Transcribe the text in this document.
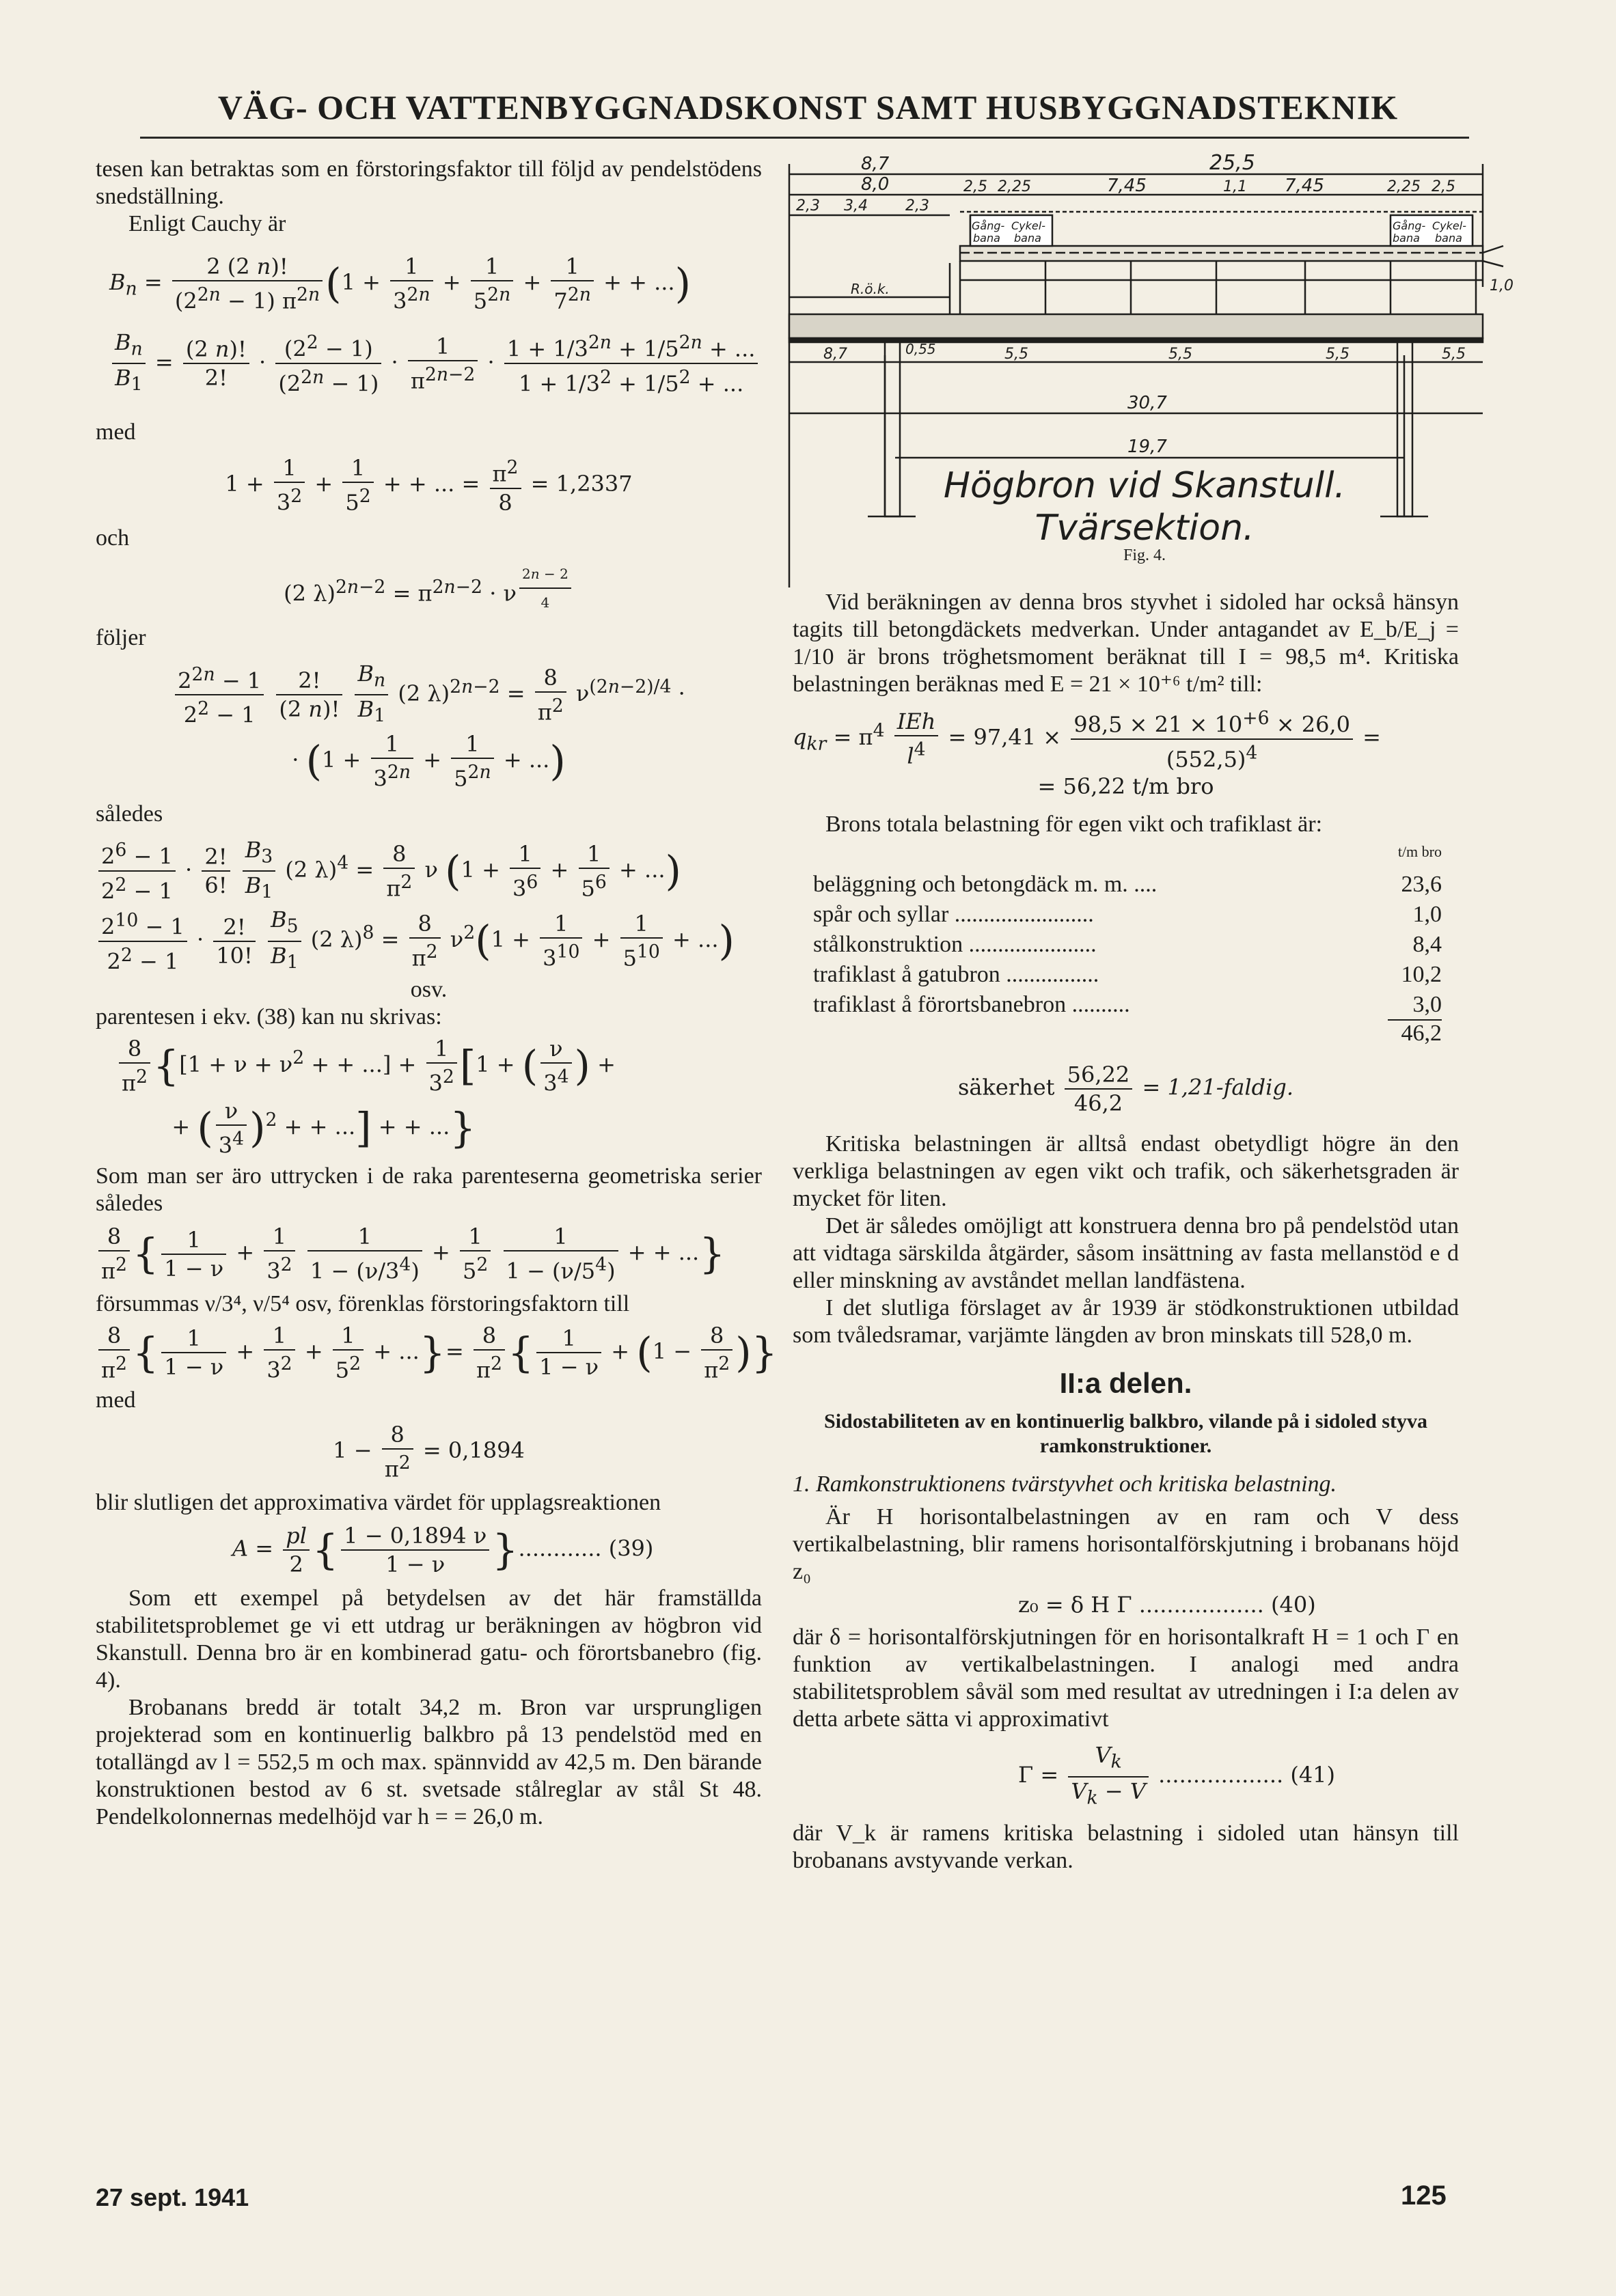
VÄG- OCH VATTENBYGGNADSKONST SAMT HUSBYGGNADSTEKNIK

tesen kan betraktas som en förstoringsfaktor till följd av pendelstödens snedställning.

Enligt Cauchy är

$B_n = \frac{2 (2 n)!}{(2^{2n} - 1) \pi^{2n}} (1 + \frac{1}{3^{2n}} + \frac{1}{5^{2n}} + \frac{1}{7^{2n}}$ + + ...)
$\frac{B_n}{B_1} = \frac{(2 n)!}{2!} \cdot \frac{(2^2 - 1)}{(2^{2n} - 1)} \cdot \frac{1}{\pi^{2n-2}} \cdot \frac{1 + 1/3^{2n} + 1/5^{2n} + ...}{1 + 1/3^2 + 1/5^2 + ...}$

med

$1 + \frac{1}{3^2} + \frac{1}{5^2}$ + + ... = $\frac{\pi^2}{8} = 1,2337$

och

(2 $\lambda)^{2n-2} = \pi^{2n-2} \cdot \nu$ $^{\frac{2n - 2}{4}}$

följer

$\frac{2^{2n} - 1}{2^2 - 1}$
$\frac{2!}{(2 n)!}$
$\frac{B_n}{B_1} (2$ $\lambda)^{2n-2} = \frac{8}{\pi^2} \nu^{(2n-2)/4}$ ·
· ($1 + \frac{1}{3^{2n}} + \frac{1}{5^{2n}}$ + ...)

således

$\frac{2^6 - 1}{2^2 - 1} \cdot \frac{2!}{6!}$
$\frac{B_3}{B_1} (2$ $\lambda)^4 = \frac{8}{\pi^2}$ ν ($1 + \frac{1}{3^6} + \frac{1}{5^6}$ + ...)
$\frac{2^{10} - 1}{2^2 - 1} \cdot \frac{2!}{10!}$
$\frac{B_5}{B_1} (2$ $\lambda)^8 = \frac{8}{\pi^2} \nu^2(1 + \frac{1}{3^{10}} + \frac{1}{5^{10}}$ + ...)

osv.

parentesen i ekv. (38) kan nu skrivas:

$\frac{8}{\pi^2} \{[1 + \nu + \nu^2$ + + ...] + $\frac{1}{3^2} [1$ + ( $\frac{\nu}{3^4}$ ) +
+ ( $\frac{\nu}{3^4} )^2$ + + ...] + + ...}

Som man ser äro uttrycken i de raka parenteserna geometriska serier således

$\frac{8}{\pi^2}$ { $\frac{1}{1 - \nu} + \frac{1}{3^2}$
$\frac{1}{1 - (\nu/3^4)} + \frac{1}{5^2}$
$\frac{1}{1 - (\nu/5^4)}$ + + ...}

försummas ν/3⁴, ν/5⁴ osv, förenklas förstoringsfaktorn till

$\frac{8}{\pi^2}$ { $\frac{1}{1 - \nu} + \frac{1}{3^2} + \frac{1}{5^2}$ + ...}= $\frac{8}{\pi^2}$ { $\frac{1}{1 - \nu} + (1 - \frac{8}{\pi^2}$ )}

med

$1 - \frac{8}{\pi^2} = 0,1894$

blir slutligen det approximativa värdet för upplagsreaktionen

$A = \frac{pl}{2}$ { $\frac{1 - 0,1894 \nu}{1 - \nu}$ }............ (39)

Som ett exempel på betydelsen av det här framställda stabilitetsproblemet ge vi ett utdrag ur beräkningen av högbron vid Skanstull. Denna bro är en kombinerad gatu- och förortsbanebro (fig. 4).

Brobanans bredd är totalt 34,2 m. Bron var ursprungligen projekterad som en kontinuerlig balkbro på 13 pendelstöd med en totallängd av l = 552,5 m och max. spännvidd av 42,5 m. Den bärande konstruktionen bestod av 6 st. svetsade stålreglar av stål St 48. Pendelkolonnernas medelhöjd var h = = 26,0 m.

8,7	25,5
8,0	2,5 2,25	7,45	1,1 7,45	2,25 2,5
2,3 3,4	2,3
Gång-
bana
Cykel-
bana
Gång-
bana
Cykel-
bana
R.ö.k.	1,0
8,7	0,55	5,5	5,5	5,5	5,5
30,7
19,7
Högbron vid Skanstull.
Tvärsektion.
Fig. 4.

Vid beräkningen av denna bros styvhet i sidoled har också hänsyn tagits till betongdäckets medverkan. Under antagandet av E_b/E_j = 1/10 är brons tröghetsmoment beräknat till I = 98,5 m⁴. Kritiska belastningen beräknas med E = 21 × 10⁺⁶ t/m² till:

$q_{kr} = \pi^4 \frac{\text{IEh}}{l^4} = 97,41 \times \frac{98,5 \times 21 \times 10^{+6} \times 26,0}{(552,5)^4}$ =
= 56,22 t/m bro

Brons totala belastning för egen vikt och trafiklast är:

t/m bro
beläggning och betongdäck m. m. ....	23,6
spår och syllar ........................	1,0
stålkonstruktion ......................	8,4
trafiklast å gatubron ................	10,2
trafiklast å förortsbanebron ..........	3,0
46,2
säkerhet $\frac{56,22}{46,2}$ = 1,21-faldig.

Kritiska belastningen är alltså endast obetydligt högre än den verkliga belastningen av egen vikt och trafik, och säkerhetsgraden är mycket för liten.

Det är således omöjligt att konstruera denna bro på pendelstöd utan att vidtaga särskilda åtgärder, såsom insättning av fasta mellanstöd e d eller minskning av avståndet mellan landfästena.

I det slutliga förslaget av år 1939 är stödkonstruktionen utbildad som tvåledsramar, varjämte längden av bron minskats till 528,0 m.

II:a delen.
Sidostabiliteten av en kontinuerlig balkbro, vilande på i sidoled styva ramkonstruktioner.

1. Ramkonstruktionens tvärstyvhet och kritiska belastning.

Är H horisontalbelastningen av en ram och V dess vertikalbelastning, blir ramens horisontalförskjutning i brobanans höjd z₀

z₀ = δ H Γ .................. (40)

där δ = horisontalförskjutningen för en horisontalkraft H = 1 och Γ en funktion av vertikalbelastningen. I analogi med andra stabilitetsproblem såväl som med resultat av utredningen i I:a delen av detta arbete sätta vi approximativt

$\Gamma = \frac{V_k}{V_k - V}$ .................. (41)

där V_k är ramens kritiska belastning i sidoled utan hänsyn till brobanans avstyvande verkan.

27 sept. 1941	125
